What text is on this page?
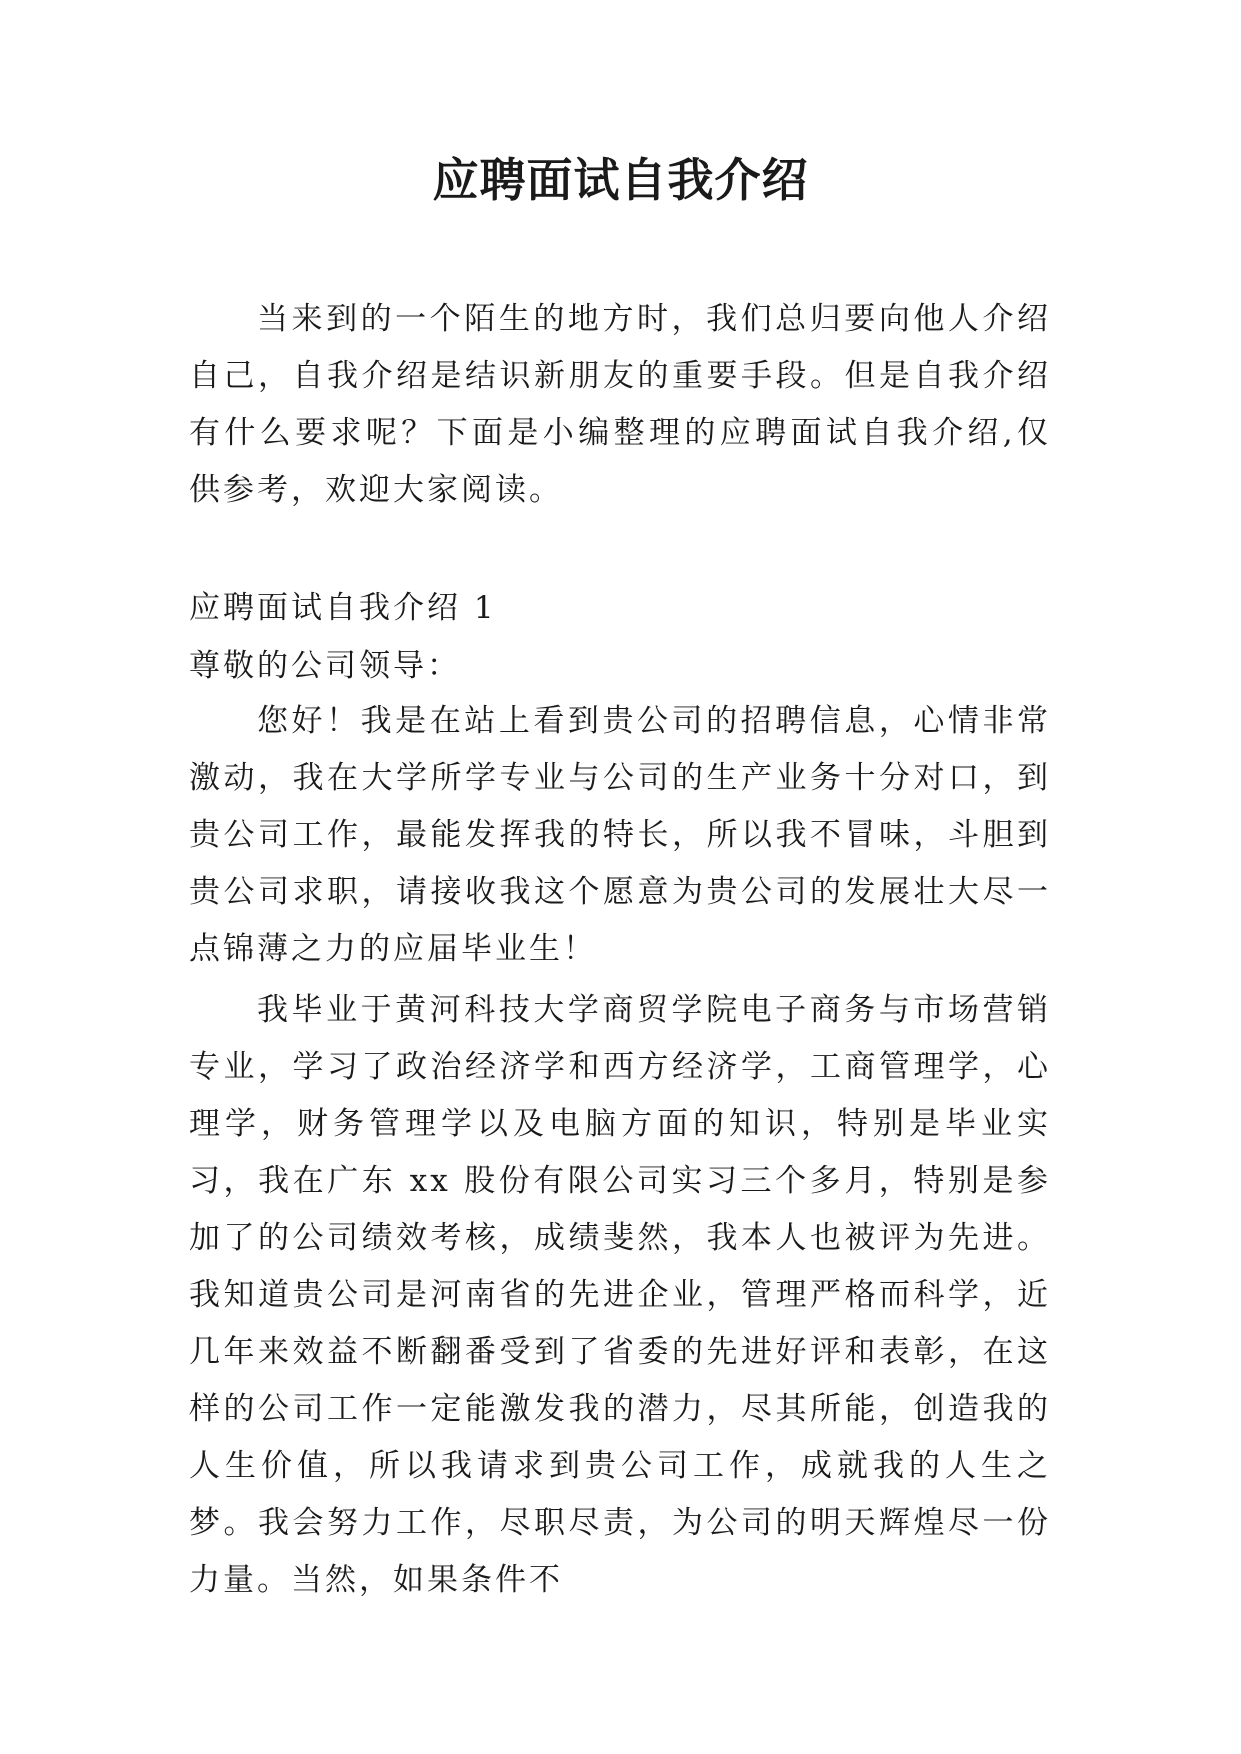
应聘面试自我介绍

当来到的一个陌生的地方时，我们总归要向他人介绍自己，自我介绍是结识新朋友的重要手段。但是自我介绍有什么要求呢？下面是小编整理的应聘面试自我介绍,仅供参考，欢迎大家阅读。

应聘面试自我介绍 1

尊敬的公司领导：

您好！我是在站上看到贵公司的招聘信息，心情非常激动，我在大学所学专业与公司的生产业务十分对口，到贵公司工作，最能发挥我的特长，所以我不冒味，斗胆到贵公司求职，请接收我这个愿意为贵公司的发展壮大尽一点锦薄之力的应届毕业生！

我毕业于黄河科技大学商贸学院电子商务与市场营销专业，学习了政治经济学和西方经济学，工商管理学，心理学，财务管理学以及电脑方面的知识，特别是毕业实习，我在广东 xx 股份有限公司实习三个多月，特别是参加了的公司绩效考核，成绩斐然，我本人也被评为先进。我知道贵公司是河南省的先进企业，管理严格而科学，近几年来效益不断翻番受到了省委的先进好评和表彰，在这样的公司工作一定能激发我的潜力，尽其所能，创造我的人生价值，所以我请求到贵公司工作，成就我的人生之梦。我会努力工作，尽职尽责，为公司的明天辉煌尽一份力量。当然，如果条件不
